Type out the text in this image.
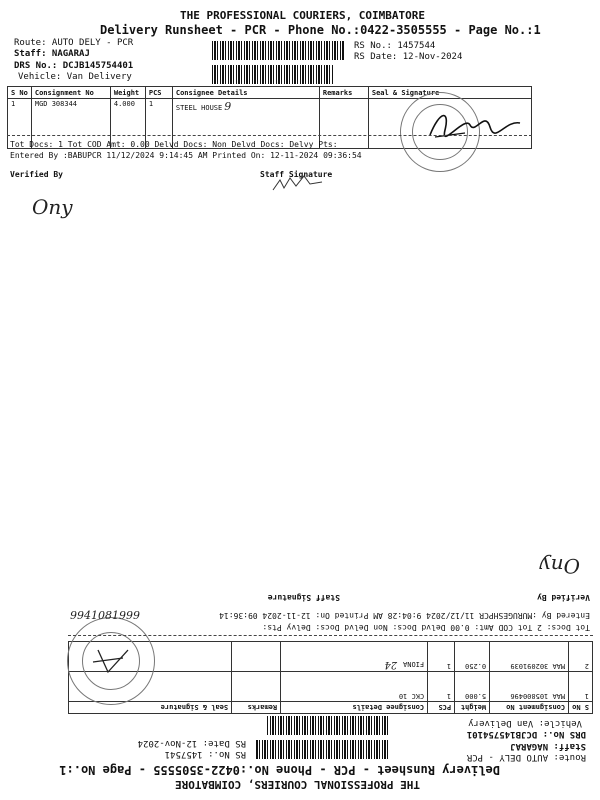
THE PROFESSIONAL COURIERS, COIMBATORE
Delivery Runsheet - PCR - Phone No.:0422-3505555 - Page No.:1
Route: AUTO DELY - PCR
Staff: NAGARAJ
DRS No.: DCJB145754401
Vehicle: Van Delivery
RS No.: 1457544
RS Date: 12-Nov-2024
S No	Consignment No	Weight	PCS	Consignee Details	Remarks	Seal & Signature
1	MGD 308344	4.000	1	STEEL HOUSE 9		
Tot Docs: 1 Tot COD Amt: 0.00 Delvd Docs: Non Delvd Docs: Delvy Pts:
Entered By :BABUPCR 11/12/2024 9:14:45 AM Printed On: 12-11-2024 09:36:54
Verified By	Staff Signature
Ony
THE PROFESSIONAL COURIERS, COIMBATORE
Delivery Runsheet - PCR - Phone No.:0422-3505555 - Page No.:1
Route: AUTO DELY - PCR
Staff: NAGARAJ
DRS No.: DCJB145754101
Vehicle: Van Delivery
RS No.: 1457541
RS Date: 12-Nov-2024
S No	Consignment No	Weight	PCS	Consignee Details	Remarks	Seal & Signature
1	MAA 105800496	5.000	1	CKC 10		
2	MAA 302091039	0.250	1	FIONA24		
9941081999
Tot Docs: 2 Tot COD Amt: 0.00 Delvd Docs: Non Delvd Docs: Delvy Pts:
Entered By :MURUGESHPCR 11/12/2024 9:04:28 AM Printed On: 12-11-2024 09:36:14
Verified By
Staff Signature
Ony
